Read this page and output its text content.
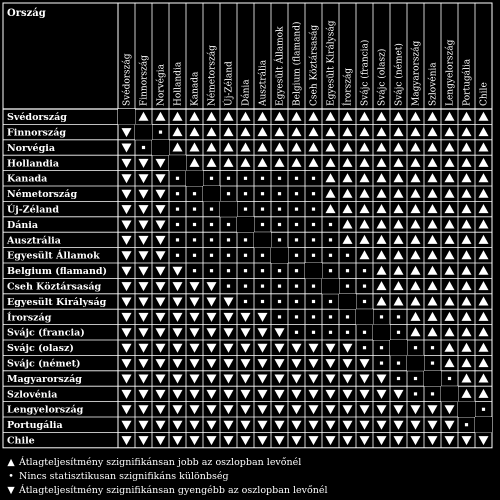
Ország
Svédország Finnország Norvégia Hollandia Kanada Németország Új-Zéland Dánia Ausztrália Egyesült Államok Belgium (flamand) Cseh Köztársaság Egyesült Királyság Írország Svájc (francia) Svájc (olasz) Svájc (német) Magyarország Szlovénia Lengyelország Portugália Chile
Svédország
Finnország
Norvégia
Hollandia
Kanada
Németország
Új-Zéland
Dánia
Ausztrália
Egyesült Államok
Belgium (flamand)
Cseh Köztársaság
Egyesült Királyság
Írország
Svájc (francia)
Svájc (olasz)
Svájc (német)
Magyarország
Szlovénia
Lengyelország
Portugália
Chile
▲ Átlagteljesítmény szignifikánsan jobb az oszlopban levőnél
• Nincs statisztikusan szignifikáns különbség
▼ Átlagteljesítmény szignifikánsan gyengébb az oszlopban levőnél
